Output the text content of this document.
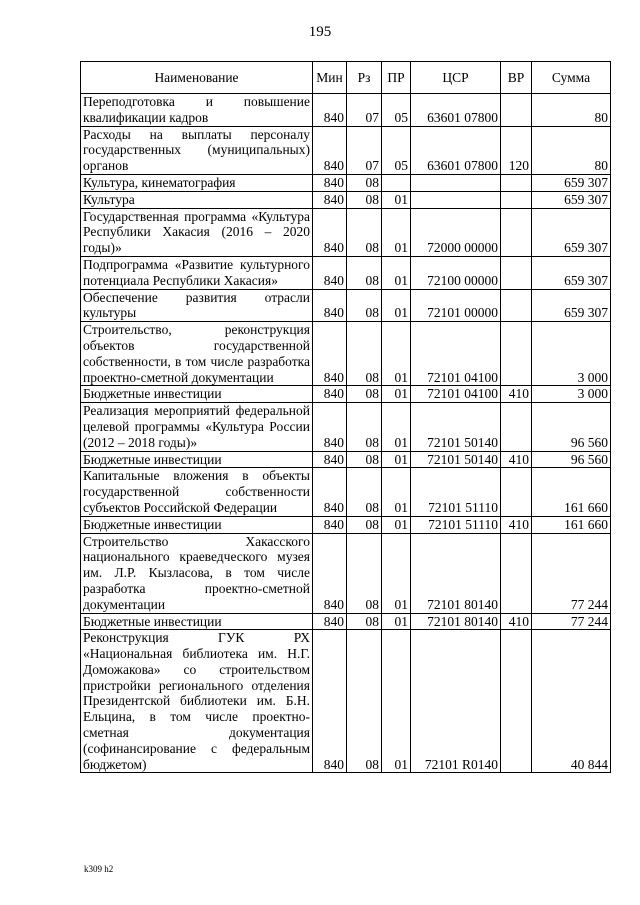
195
Наименование	Мин	Рз	ПР	ЦСР	ВР	Сумма
Переподготовка и повышение квалификации кадров	840	07	05	63601 07800		80
Расходы на выплаты персоналу государственных (муниципальных) органов	840	07	05	63601 07800	120	80
Культура, кинематография	840	08				659 307
Культура	840	08	01			659 307
Государственная программа «Культура Республики Хакасия (2016 – 2020 годы)»	840	08	01	72000 00000		659 307
Подпрограмма «Развитие культурного потенциала Республики Хакасия»	840	08	01	72100 00000		659 307
Обеспечение развития отрасли культуры	840	08	01	72101 00000		659 307
Строительство, реконструкция объектов государственной собственности, в том числе разработка проектно-сметной документации	840	08	01	72101 04100		3 000
Бюджетные инвестиции	840	08	01	72101 04100	410	3 000
Реализация мероприятий федеральной целевой программы «Культура России (2012 – 2018 годы)»	840	08	01	72101 50140		96 560
Бюджетные инвестиции	840	08	01	72101 50140	410	96 560
Капитальные вложения в объекты государственной собственности субъектов Российской Федерации	840	08	01	72101 51110		161 660
Бюджетные инвестиции	840	08	01	72101 51110	410	161 660
Строительство Хакасского национального краеведческого музея им. Л.Р. Кызласова, в том числе разработка проектно-сметной документации	840	08	01	72101 80140		77 244
Бюджетные инвестиции	840	08	01	72101 80140	410	77 244
Реконструкция ГУК РХ «Национальная библиотека им. Н.Г. Доможакова» со строительством пристройки регионального отделения Президентской библиотеки им. Б.Н. Ельцина, в том числе проектно-сметная документация (софинансирование с федеральным бюджетом)	840	08	01	72101 R0140		40 844
k309 h2
